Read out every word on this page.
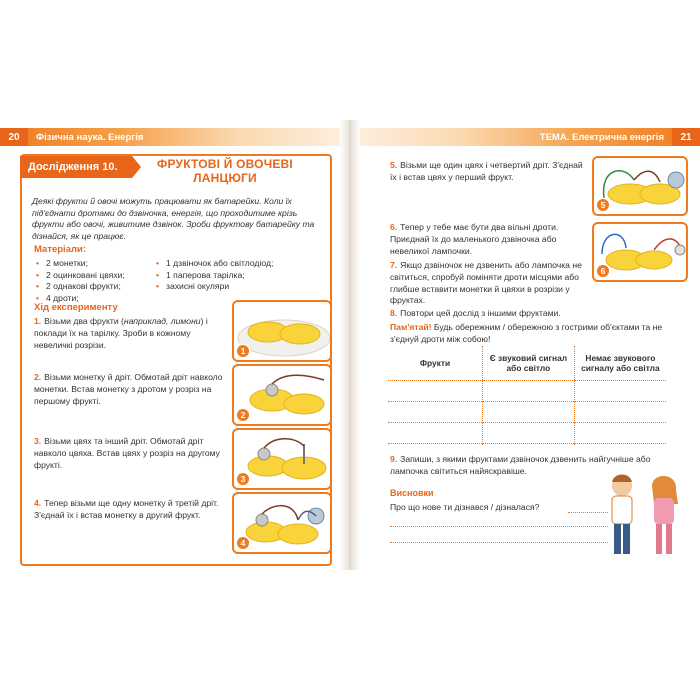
20	Фізична наука. Енергія	ТЕМА. Електрична енергія	21
Дослідження 10.	ФРУКТОВІ Й ОВОЧЕВІ ЛАНЦЮГИ
Деякі фрукти й овочі можуть працювати як батарейки. Коли їх під'єднати дротами до дзвіночка, енергія, що проходитиме крізь фрукти або овочі, живитиме дзвінок. Зроби фруктову батарейку та дізнайся, як це працює.
Матеріали:
• 2 монетки;
• 2 оцинковані цвяхи;
• 2 однакові фрукти;
• 4 дроти;
• 1 дзвіночок або світлодіод;
• 1 паперова тарілка;
• захисні окуляри
Хід експерименту
1. Візьми два фрукти (наприклад, лимони) і поклади їх на тарілку. Зроби в кожному невеличкі розрізи.
2. Візьми монетку й дріт. Обмотай дріт навколо монетки. Встав монетку з дротом у розріз на першому фрукті.
3. Візьми цвях та інший дріт. Обмотай дріт навколо цвяха. Встав цвях у розріз на другому фрукті.
4. Тепер візьми ще одну монетку й третій дріт. З'єднай їх і встав монетку в другий фрукт.
1
2
3
4
5. Візьми ще один цвях і четвертий дріт. З'єднай їх і встав цвях у перший фрукт.
6. Тепер у тебе має бути два вільні дроти. Приєднай їх до маленького дзвіночка або невеликої лампочки.
7. Якщо дзвіночок не дзвенить або лампочка не світиться, спробуй поміняти дроти місцями або глибше вставити монетки й цвяхи в розрізи у фруктах.
8. Повтори цей дослід з іншими фруктами.
5
6
Пам'ятай! Будь обережним / обережною з гострими об'єктами та не з'єднуй дроти між собою!
Фрукти	Є звуковий сигнал або світло	Немає звукового сигналу або світла

9. Запиши, з якими фруктами дзвіночок дзвенить найгучніше або лампочка світиться найяскравіше.
Висновки
Про що нове ти дізнався / дізналася?
